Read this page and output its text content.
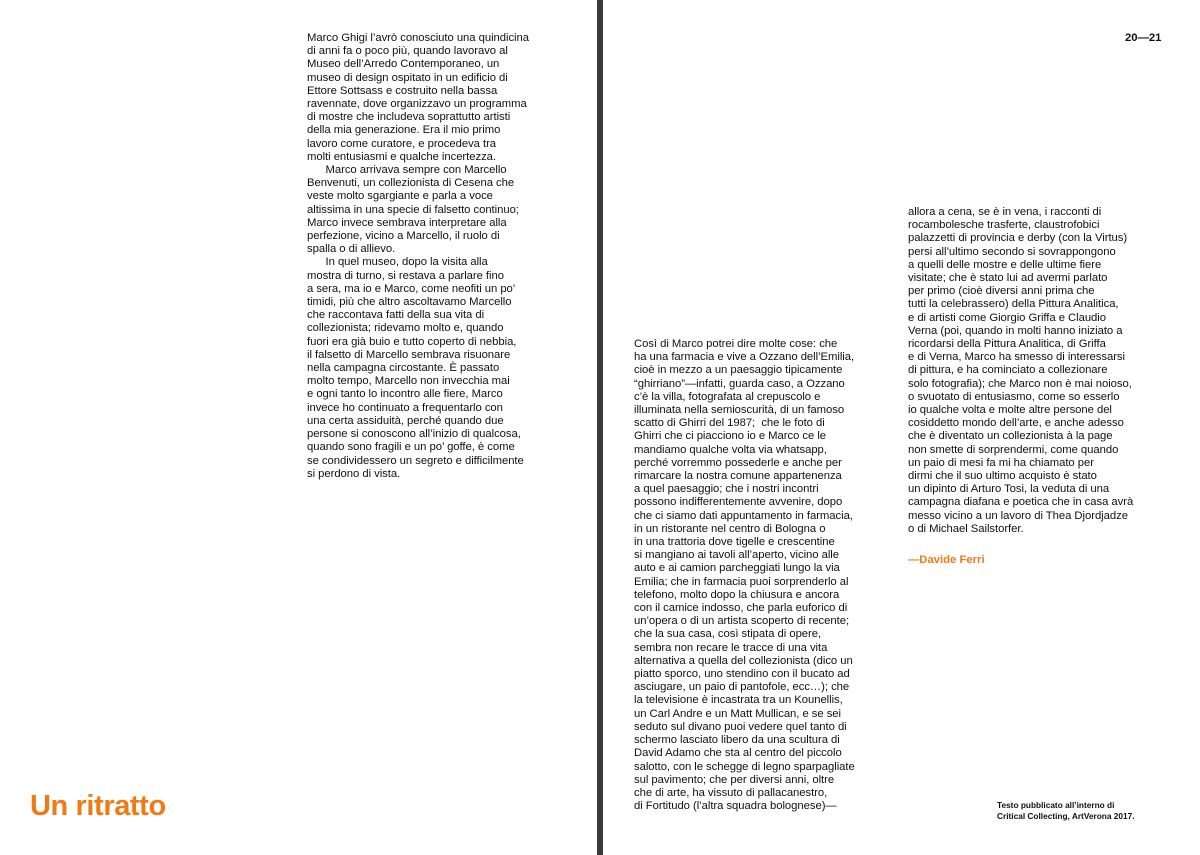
Marco Ghigi l’avrò conosciuto una quindicina
di anni fa o poco più, quando lavoravo al
Museo dell’Arredo Contemporaneo, un
museo di design ospitato in un edificio di
Ettore Sottsass e costruito nella bassa
ravennate, dove organizzavo un programma
di mostre che includeva soprattutto artisti
della mia generazione. Era il mio primo
lavoro come curatore, e procedeva tra
molti entusiasmi e qualche incertezza.
Marco arrivava sempre con Marcello
Benvenuti, un collezionista di Cesena che
veste molto sgargiante e parla a voce
altissima in una specie di falsetto continuo;
Marco invece sembrava interpretare alla
perfezione, vicino a Marcello, il ruolo di
spalla o di allievo.
In quel museo, dopo la visita alla
mostra di turno, si restava a parlare fino
a sera, ma io e Marco, come neofiti un po’
timidi, più che altro ascoltavamo Marcello
che raccontava fatti della sua vita di
collezionista; ridevamo molto e, quando
fuori era già buio e tutto coperto di nebbia,
il falsetto di Marcello sembrava risuonare
nella campagna circostante. È passato
molto tempo, Marcello non invecchia mai
e ogni tanto lo incontro alle fiere, Marco
invece ho continuato a frequentarlo con
una certa assiduità, perché quando due
persone si conoscono all’inizio di qualcosa,
quando sono fragili e un po’ goffe, è come
se condividessero un segreto e difficilmente
si perdono di vista.

Un ritratto

20—21

Così di Marco potrei dire molte cose: che
ha una farmacia e vive a Ozzano dell’Emilia,
cioè in mezzo a un paesaggio tipicamente
“ghirriano”—infatti, guarda caso, a Ozzano
c’è la villa, fotografata al crepuscolo e
illuminata nella semioscurità, di un famoso
scatto di Ghirri del 1987;  che le foto di
Ghirri che ci piacciono io e Marco ce le
mandiamo qualche volta via whatsapp,
perché vorremmo possederle e anche per
rimarcare la nostra comune appartenenza
a quel paesaggio; che i nostri incontri
possono indifferentemente avvenire, dopo
che ci siamo dati appuntamento in farmacia,
in un ristorante nel centro di Bologna o
in una trattoria dove tigelle e crescentine
si mangiano ai tavoli all’aperto, vicino alle
auto e ai camion parcheggiati lungo la via
Emilia; che in farmacia puoi sorprenderlo al
telefono, molto dopo la chiusura e ancora
con il camice indosso, che parla euforico di
un’opera o di un artista scoperto di recente;
che la sua casa, così stipata di opere,
sembra non recare le tracce di una vita
alternativa a quella del collezionista (dico un
piatto sporco, uno stendino con il bucato ad
asciugare, un paio di pantofole, ecc…); che
la televisione è incastrata tra un Kounellis,
un Carl Andre e un Matt Mullican, e se sei
seduto sul divano puoi vedere quel tanto di
schermo lasciato libero da una scultura di
David Adamo che sta al centro del piccolo
salotto, con le schegge di legno sparpagliate
sul pavimento; che per diversi anni, oltre
che di arte, ha vissuto di pallacanestro,
di Fortitudo (l’altra squadra bolognese)—

allora a cena, se è in vena, i racconti di
rocambolesche trasferte, claustrofobici
palazzetti di provincia e derby (con la Virtus)
persi all’ultimo secondo si sovrappongono
a quelli delle mostre e delle ultime fiere
visitate; che è stato lui ad avermi parlato
per primo (cioè diversi anni prima che
tutti la celebrassero) della Pittura Analitica,
e di artisti come Giorgio Griffa e Claudio
Verna (poi, quando in molti hanno iniziato a
ricordarsi della Pittura Analitica, di Griffa
e di Verna, Marco ha smesso di interessarsi
di pittura, e ha cominciato a collezionare
solo fotografia); che Marco non è mai noioso,
o svuotato di entusiasmo, come so esserlo
io qualche volta e molte altre persone del
cosiddetto mondo dell’arte, e anche adesso
che è diventato un collezionista à la page
non smette di sorprendermi, come quando
un paio di mesi fa mi ha chiamato per
dirmi che il suo ultimo acquisto è stato
un dipinto di Arturo Tosi, la veduta di una
campagna diafana e poetica che in casa avrà
messo vicino a un lavoro di Thea Djordjadze
o di Michael Sailstorfer.

—Davide Ferri

Testo pubblicato all’interno di
Critical Collecting, ArtVerona 2017.
